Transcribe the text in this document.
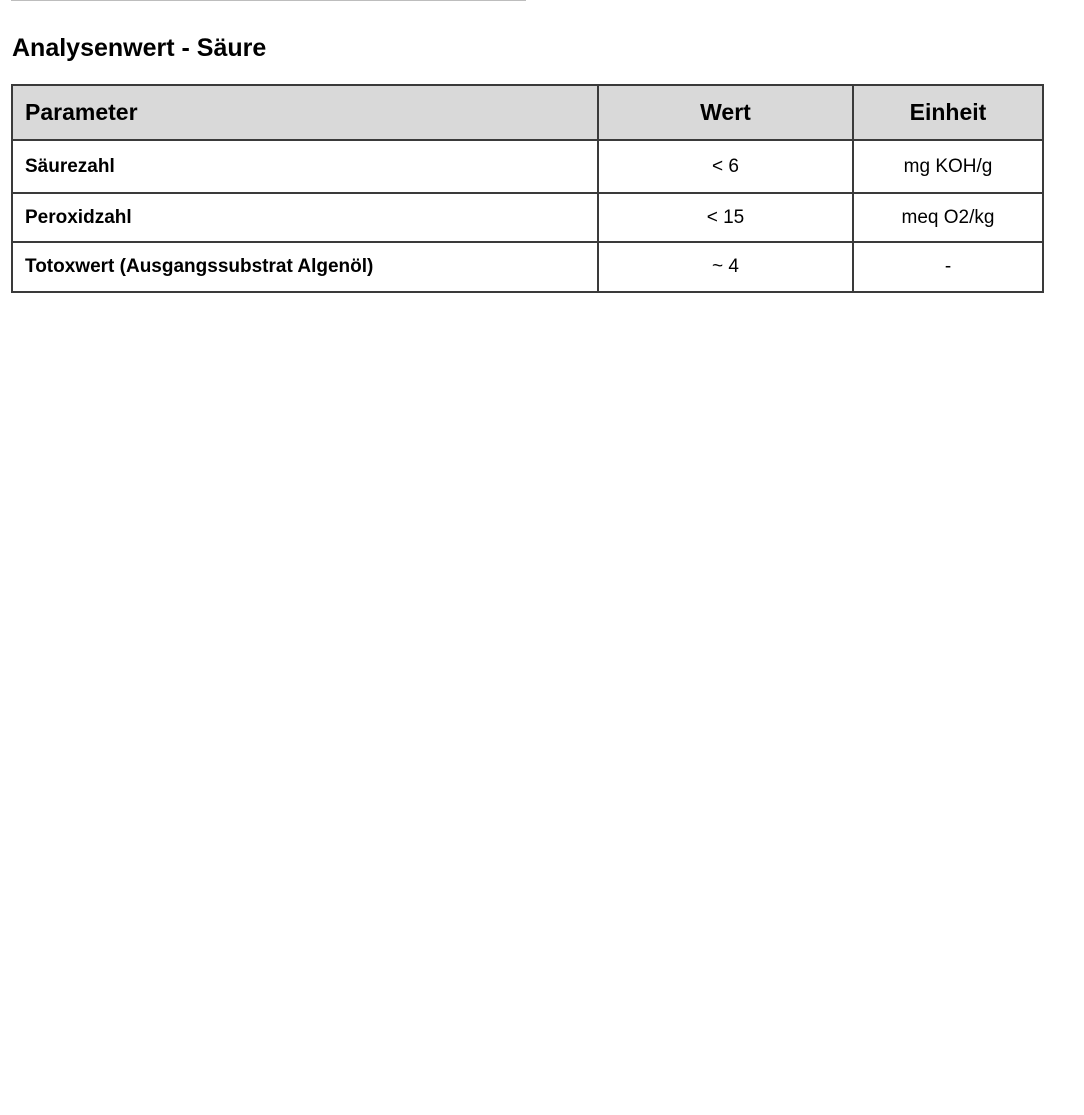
Analysenwert - Säure
Parameter	Wert	Einheit
Säurezahl	< 6	mg KOH/g
Peroxidzahl	< 15	meq O2/kg
Totoxwert (Ausgangssubstrat Algenöl)	~ 4	-
